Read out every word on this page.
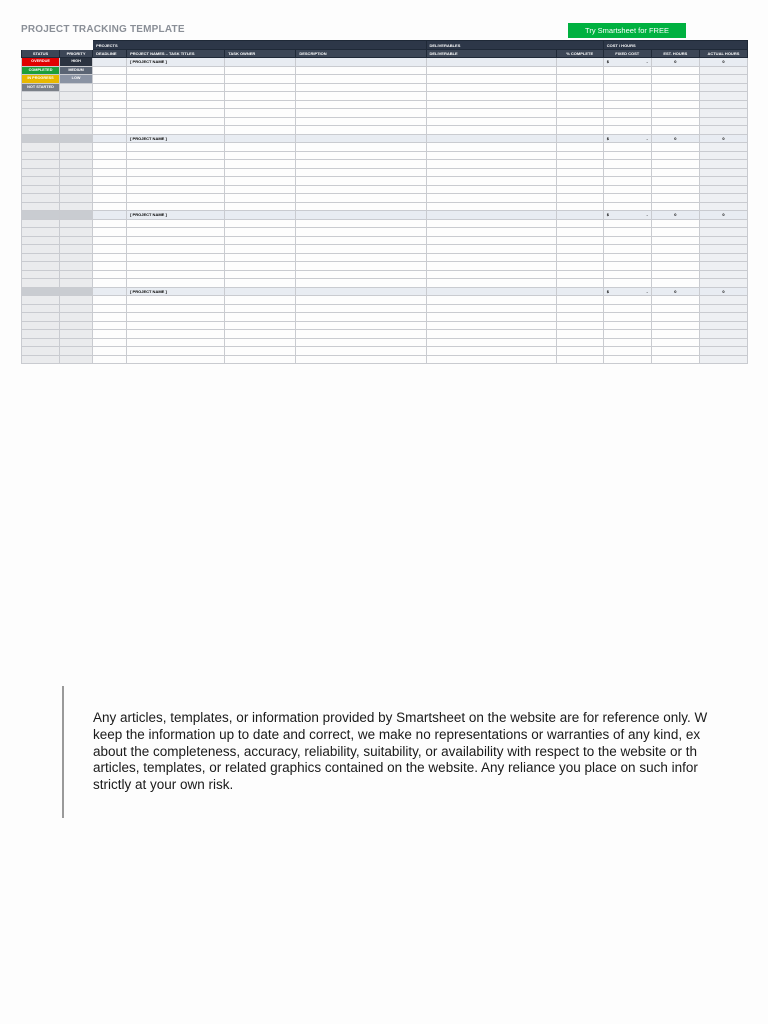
PROJECT TRACKING TEMPLATE	Try Smartsheet for FREE
		PROJECTS				DELIVERABLES		COST / HOURS		
STATUS	PRIORITY	DEADLINE	PROJECT NAMES – TASK TITLES	TASK OWNER	DESCRIPTION	DELIVERABLE	% COMPLETE	FIXED COST	EST. HOURS	ACTUAL HOURS
OVERDUE	HIGH		[ PROJECT NAME ]					$ -	0	0
COMPLETED	MEDIUM									
IN PROGRESS	LOW									
NOT STARTED										

			[ PROJECT NAME ]					$ -	0	0

			[ PROJECT NAME ]					$ -	0	0

			[ PROJECT NAME ]					$ -	0	0

Any articles, templates, or information provided by Smartsheet on the website are for reference only. W
keep the information up to date and correct, we make no representations or warranties of any kind, ex
about the completeness, accuracy, reliability, suitability, or availability with respect to the website or th
articles, templates, or related graphics contained on the website. Any reliance you place on such infor
strictly at your own risk.
